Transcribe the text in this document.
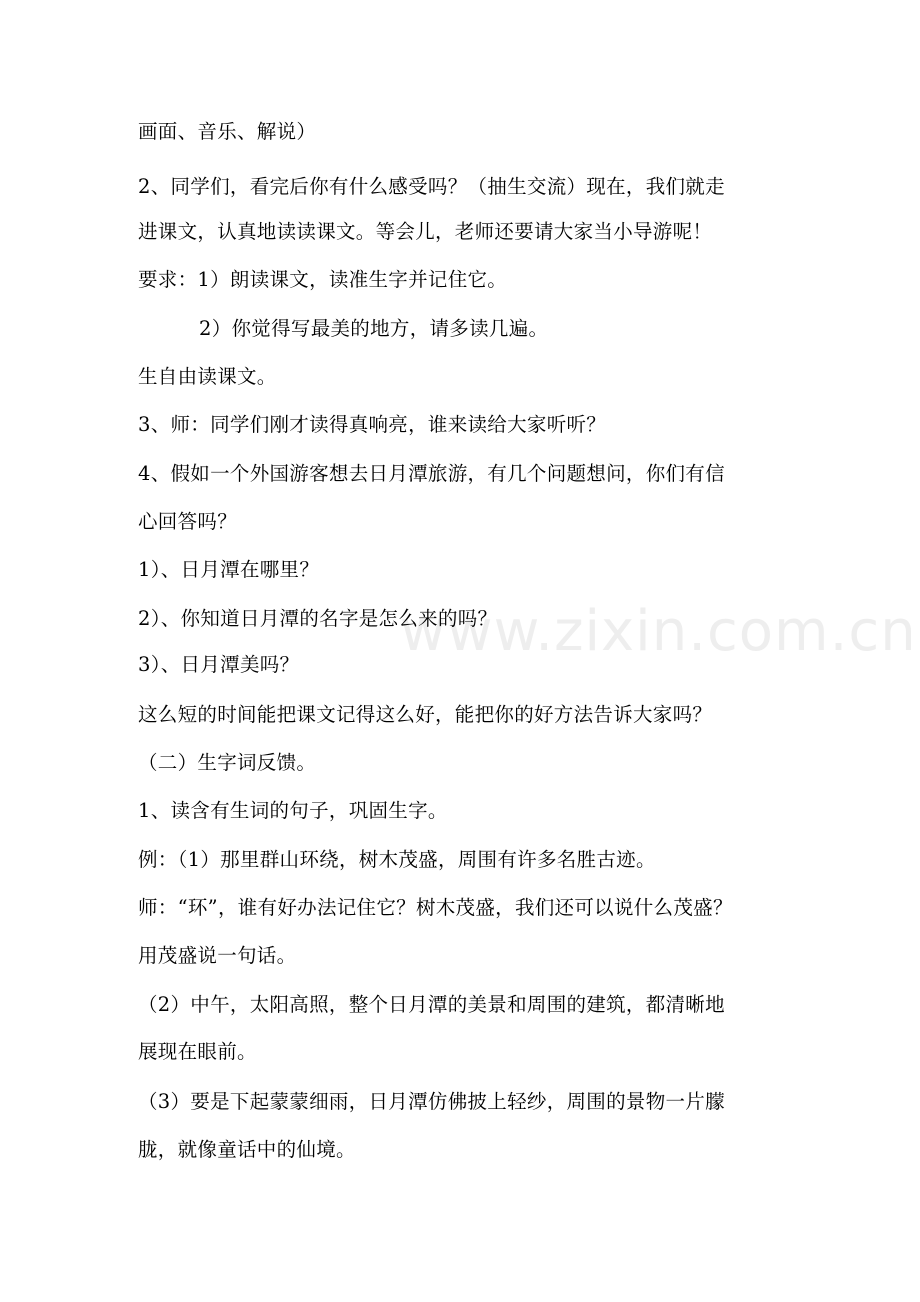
www.zixin.com.cn
画面、音乐、解说）
2、同学们，看完后你有什么感受吗？（抽生交流）现在，我们就走
进课文，认真地读读课文。等会儿，老师还要请大家当小导游呢！
要求：1）朗读课文，读准生字并记住它。
2）你觉得写最美的地方，请多读几遍。
生自由读课文。
3、师：同学们刚才读得真响亮，谁来读给大家听听？
4、假如一个外国游客想去日月潭旅游，有几个问题想问，你们有信
心回答吗？
1）、日月潭在哪里？
2）、你知道日月潭的名字是怎么来的吗？
3）、日月潭美吗？
这么短的时间能把课文记得这么好，能把你的好方法告诉大家吗？
（二）生字词反馈。
1、读含有生词的句子，巩固生字。
例：（1）那里群山环绕，树木茂盛，周围有许多名胜古迹。
师：“环”，谁有好办法记住它？树木茂盛，我们还可以说什么茂盛？
用茂盛说一句话。
（2）中午，太阳高照，整个日月潭的美景和周围的建筑，都清晰地
展现在眼前。
（3）要是下起蒙蒙细雨，日月潭仿佛披上轻纱，周围的景物一片朦
胧，就像童话中的仙境。
